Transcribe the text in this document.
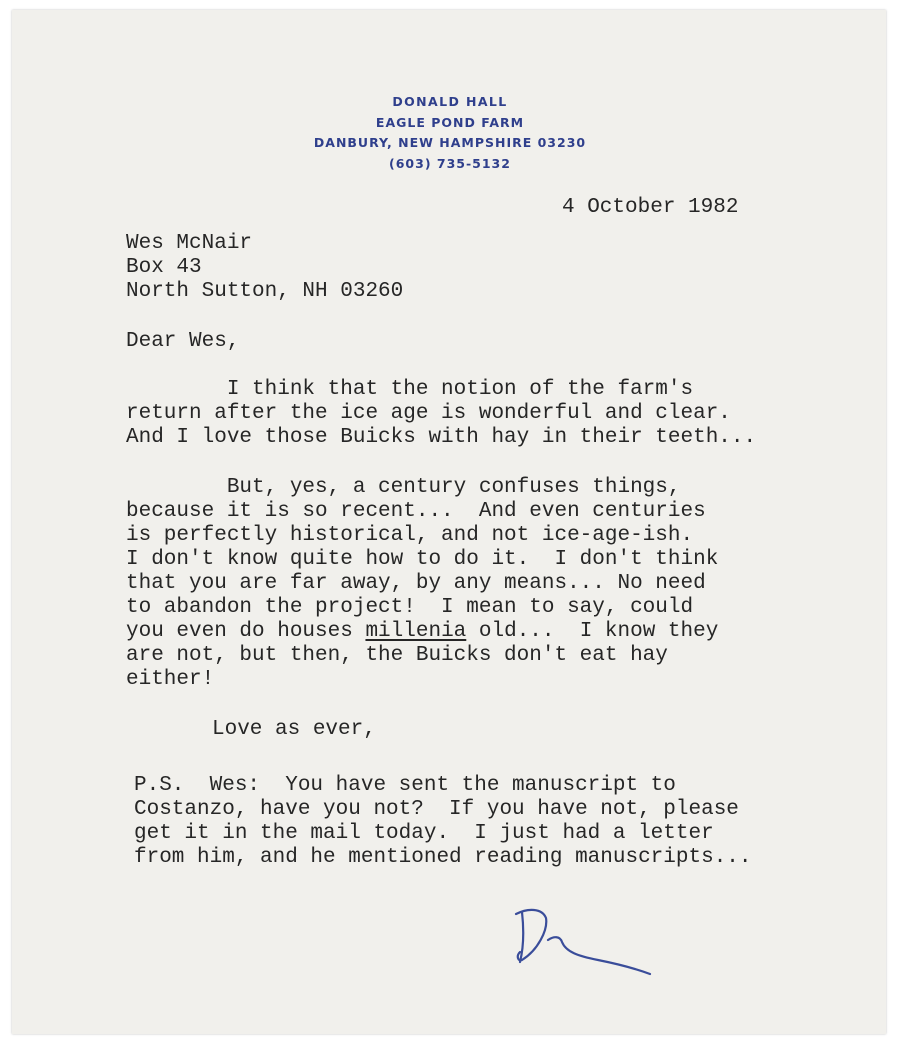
DONALD HALL
EAGLE POND FARM
DANBURY, NEW HAMPSHIRE 03230
(603) 735-5132
4 October 1982
Wes McNair
Box 43
North Sutton, NH 03260
Dear Wes,
I think that the notion of the farm's
return after the ice age is wonderful and clear.
And I love those Buicks with hay in their teeth...
But, yes, a century confuses things,
because it is so recent...  And even centuries
is perfectly historical, and not ice-age-ish.
I don't know quite how to do it.  I don't think
that you are far away, by any means... No need
to abandon the project!  I mean to say, could
you even do houses millenia old...  I know they
are not, but then, the Buicks don't eat hay
either!
Love as ever,
P.S.  Wes:  You have sent the manuscript to
Costanzo, have you not?  If you have not, please
get it in the mail today.  I just had a letter
from him, and he mentioned reading manuscripts...
